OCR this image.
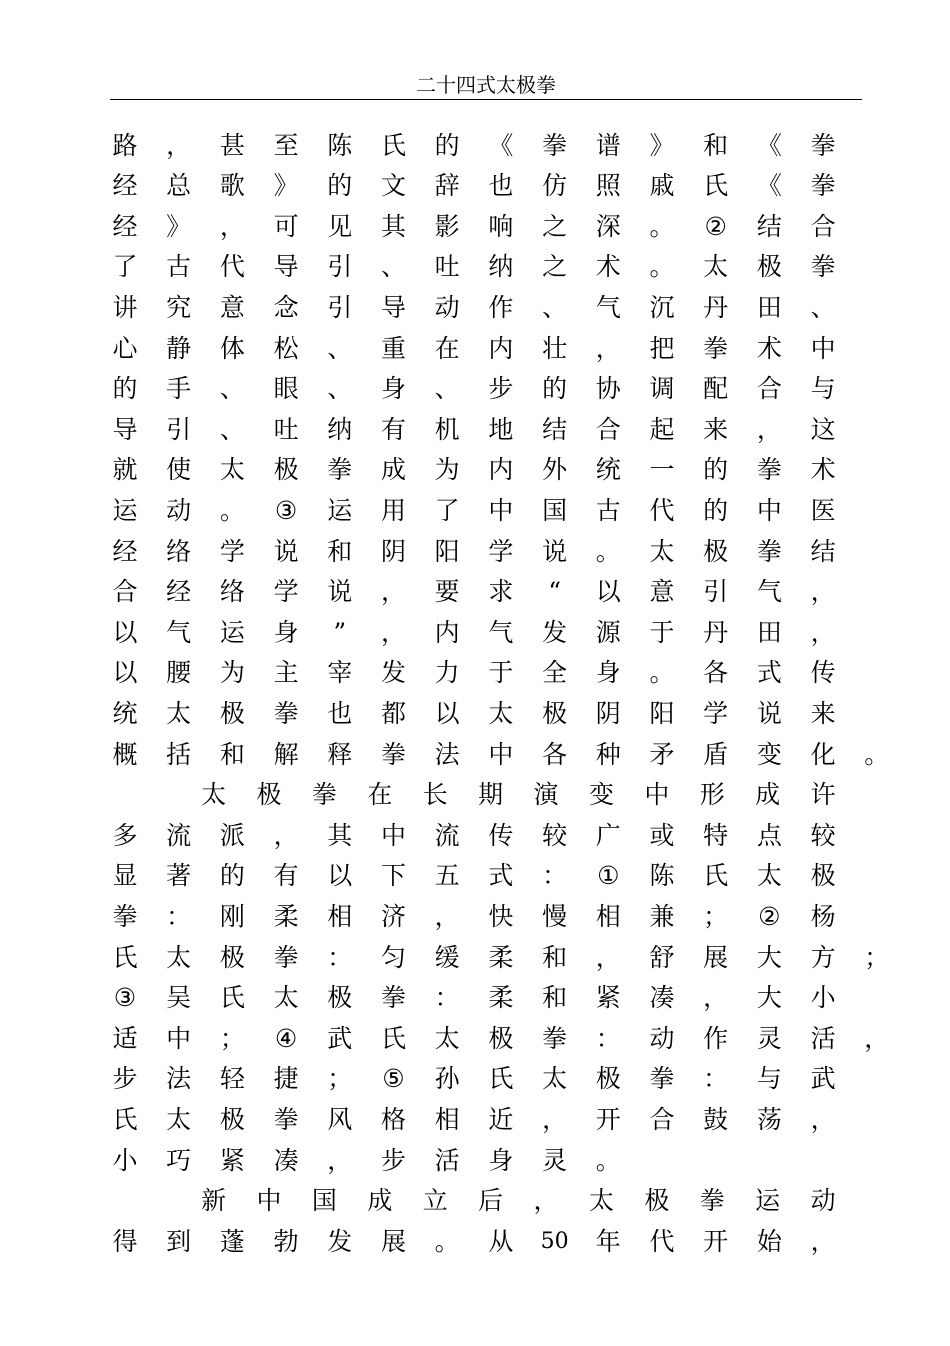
二十四式太极拳
路 ， 甚 至 陈 氏 的 《 拳 谱 》 和 《 拳
经 总 歌 》 的 文 辞 也 仿 照 戚 氏 《 拳
经 》 ， 可 见 其 影 响 之 深 。 ② 结 合
了 古 代 导 引 、 吐 纳 之 术 。 太 极 拳
讲 究 意 念 引 导 动 作 、 气 沉 丹 田 、
心 静 体 松 、 重 在 内 壮 ， 把 拳 术 中
的 手 、 眼 、 身 、 步 的 协 调 配 合 与
导 引 、 吐 纳 有 机 地 结 合 起 来 ， 这
就 使 太 极 拳 成 为 内 外 统 一 的 拳 术
运 动 。 ③ 运 用 了 中 国 古 代 的 中 医
经 络 学 说 和 阴 阳 学 说 。 太 极 拳 结
合 经 络 学 说 ， 要 求	“	以 意 引 气 ，
以 气 运 身	”	， 内 气 发 源 于 丹 田 ，
以 腰 为 主 宰 发 力 于 全 身 。 各 式 传
统 太 极 拳 也 都 以 太 极 阴 阳 学 说 来
概 括 和 解 释 拳 法 中 各 种 矛 盾 变 化 。
太 极 拳 在 长 期 演 变 中 形 成 许
多 流 派 ， 其 中 流 传 较 广 或 特 点 较
显 著 的 有 以 下 五 式 ： ① 陈 氏 太 极
拳 ： 刚 柔 相 济 ， 快 慢 相 兼 ； ② 杨
氏 太 极 拳 ： 匀 缓 柔 和 ， 舒 展 大 方 ；
③ 吴 氏 太 极 拳 ： 柔 和 紧 凑 ， 大 小
适 中 ； ④ 武 氏 太 极 拳 ： 动 作 灵 活 ，
步 法 轻 捷 ； ⑤ 孙 氏 太 极 拳 ： 与 武
氏 太 极 拳 风 格 相 近 ， 开 合 鼓 荡 ，
小 巧 紧 凑 ， 步 活 身 灵 。
新 中 国 成 立 后 ， 太 极 拳 运 动
得 到 蓬 勃 发 展 。 从	50	年 代 开 始 ，
